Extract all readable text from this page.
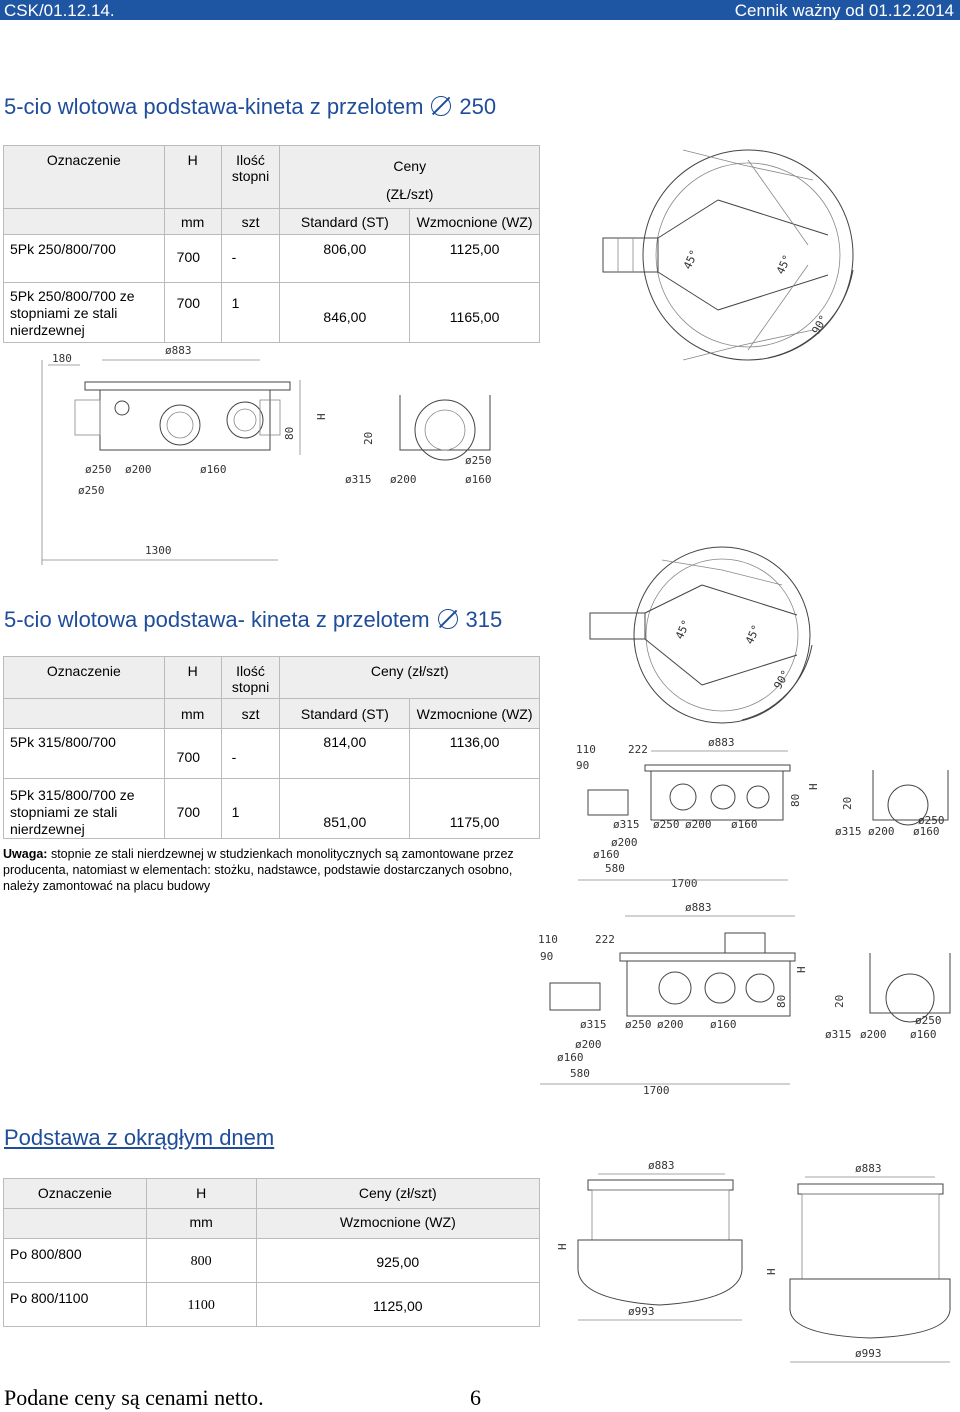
CSK/01.12.14.	Cennik ważny od 01.12.2014
5-cio wlotowa podstawa-kineta z przelotem 250
Oznaczenie	H	Ilość stopni	Ceny
(ZŁ/szt)	

	mm	szt	Standard (ST)	Wzmocnione (WZ)
5Pk 250/800/700	700	-	806,00	1125,00
5Pk 250/800/700 ze stopniami ze stali nierdzewnej	700	1	846,00	1165,00
45°	45°
90°
180
ø883
80
H
20
ø250 ø200	ø160
ø250
ø315 ø200
ø250
ø160
1300
5-cio wlotowa podstawa- kineta z przelotem 315
Oznaczenie	H	Ilość stopni	Ceny (zł/szt)	
	mm	szt	Standard (ST)	Wzmocnione (WZ)
5Pk 315/800/700	700	-	814,00	1136,00
5Pk 315/800/700 ze stopniami ze stali nierdzewnej	700	1	851,00	1175,00
Uwaga: stopnie ze stali nierdzewnej w studzienkach monolitycznych są zamontowane przez producenta, natomiast w elementach: stożku, nadstawce, podstawie dostarczanych osobno, należy zamontować na placu budowy
45°	45°
90°
110	222
ø883
90
80
H
20
ø315 ø250 ø200 ø160
ø200
ø160
580
1700
ø315 ø200
ø250
ø160
ø883
110	222
90
80
H
20
ø315 ø250 ø200 ø160
ø200
ø160
580
1700
ø315 ø200
ø250
ø160
Podstawa z okrągłym dnem
Oznaczenie	H	Ceny (zł/szt)
	mm	Wzmocnione (WZ)
Po 800/800	800	925,00
Po 800/1100	1100	1125,00
ø883
H
ø993
ø883
H
ø993
Podane ceny są cenami netto.	6
